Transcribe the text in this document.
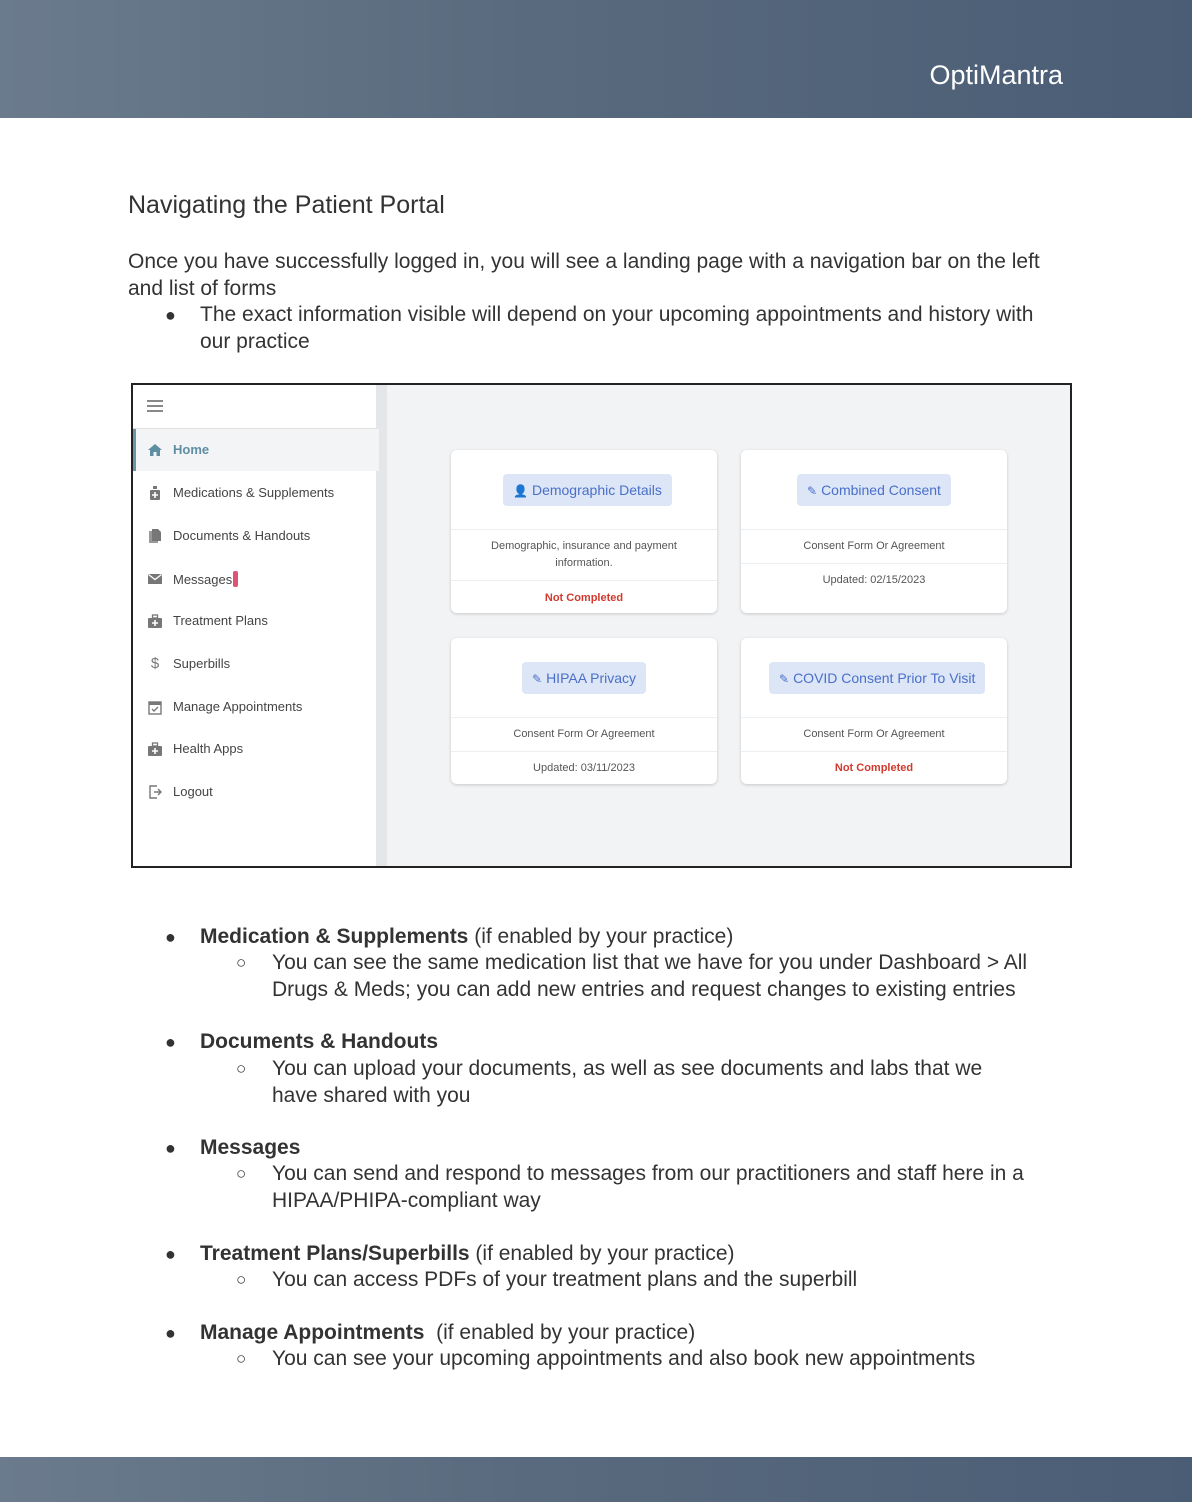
OptiMantra
Navigating the Patient Portal
Once you have successfully logged in, you will see a landing page with a navigation bar on the left and list of forms
● The exact information visible will depend on your upcoming appointments and history with our practice
Home
Medications & Supplements
Documents & Handouts
Messages
Treatment Plans
$ Superbills
Manage Appointments
Health Apps
Logout
👤 Demographic Details
Demographic, insurance and payment information.
Not Completed
✎ Combined Consent
Consent Form Or Agreement
Updated: 02/15/2023
✎ HIPAA Privacy
Consent Form Or Agreement
Updated: 03/11/2023
✎ COVID Consent Prior To Visit
Consent Form Or Agreement
Not Completed
● Medication & Supplements (if enabled by your practice)
○ You can see the same medication list that we have for you under Dashboard > All Drugs & Meds; you can add new entries and request changes to existing entries
● Documents & Handouts
○ You can upload your documents, as well as see documents and labs that we have shared with you
● Messages
○ You can send and respond to messages from our practitioners and staff here in a HIPAA/PHIPA-compliant way
● Treatment Plans/Superbills (if enabled by your practice)
○ You can access PDFs of your treatment plans and the superbill
● Manage Appointments  (if enabled by your practice)
○ You can see your upcoming appointments and also book new appointments
